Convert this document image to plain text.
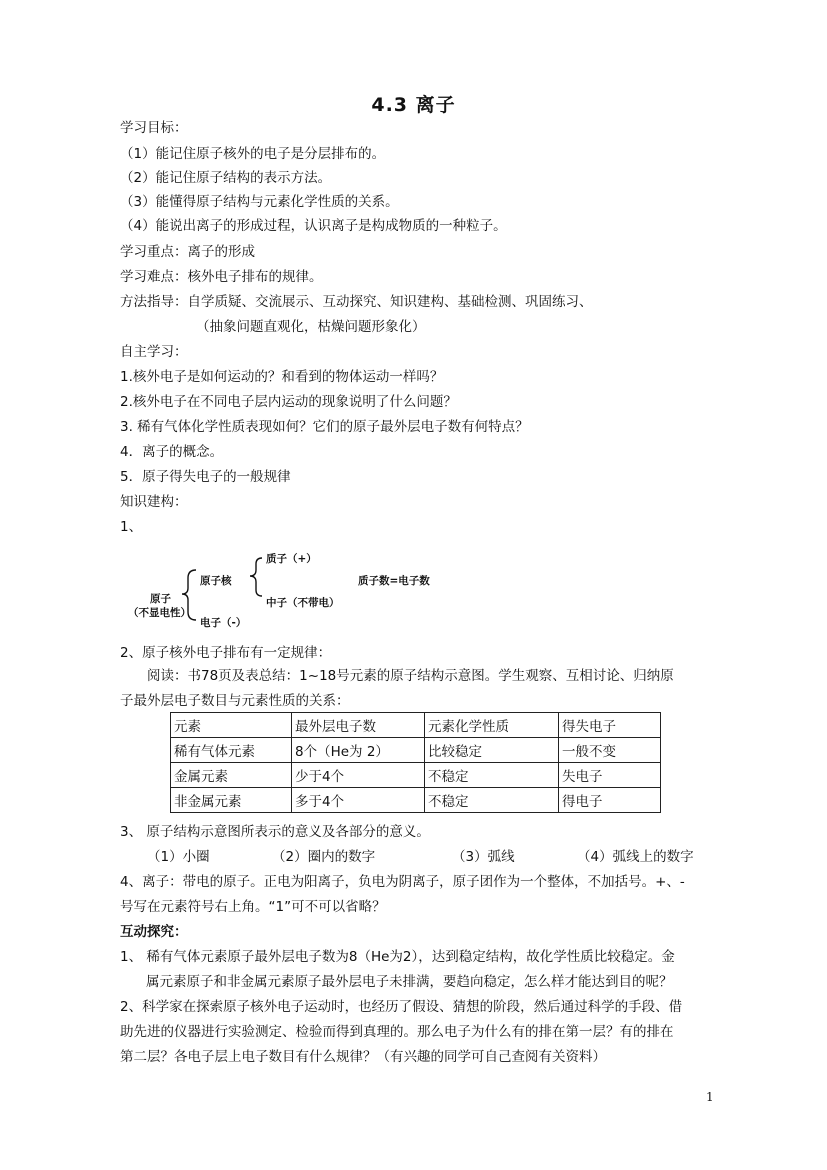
4.3 离子
学习目标：
（1）能记住原子核外的电子是分层排布的。
（2）能记住原子结构的表示方法。
（3）能懂得原子结构与元素化学性质的关系。
（4）能说出离子的形成过程，认识离子是构成物质的一种粒子。
学习重点：离子的形成
学习难点：核外电子排布的规律。
方法指导：自学质疑、交流展示、互动探究、知识建构、基础检测、巩固练习、
（抽象问题直观化，枯燥问题形象化）
自主学习：
1.核外电子是如何运动的？和看到的物体运动一样吗？
2.核外电子在不同电子层内运动的现象说明了什么问题？
3. 稀有气体化学性质表现如何？它们的原子最外层电子数有何特点？
4．离子的概念。
5．原子得失电子的一般规律
知识建构：
1、
原子
（不显电性）
原子核
质子（+）
中子（不带电）
电子（-）
质子数=电子数
2、原子核外电子排布有一定规律：
阅读：书78页及表总结：1~18号元素的原子结构示意图。学生观察、互相讨论、归纳原
子最外层电子数目与元素性质的关系：
元素	最外层电子数	元素化学性质	得失电子
稀有气体元素	8个（He为 2）	比较稳定	一般不变
金属元素	少于4个	不稳定	失电子
非金属元素	多于4个	不稳定	得电子
3、 原子结构示意图所表示的意义及各部分的意义。
（1）小圈	（2）圈内的数字	（3）弧线	（4）弧线上的数字
4、离子：带电的原子。正电为阳离子，负电为阴离子，原子团作为一个整体，不加括号。+、-
号写在元素符号右上角。“1”可不可以省略？
互动探究：
1、 稀有气体元素原子最外层电子数为8（He为2），达到稳定结构，故化学性质比较稳定。金
属元素原子和非金属元素原子最外层电子未排满，要趋向稳定，怎么样才能达到目的呢？
2、科学家在探索原子核外电子运动时，也经历了假设、猜想的阶段，然后通过科学的手段、借
助先进的仪器进行实验测定、检验而得到真理的。那么电子为什么有的排在第一层？有的排在
第二层？各电子层上电子数目有什么规律？（有兴趣的同学可自己查阅有关资料）
1
